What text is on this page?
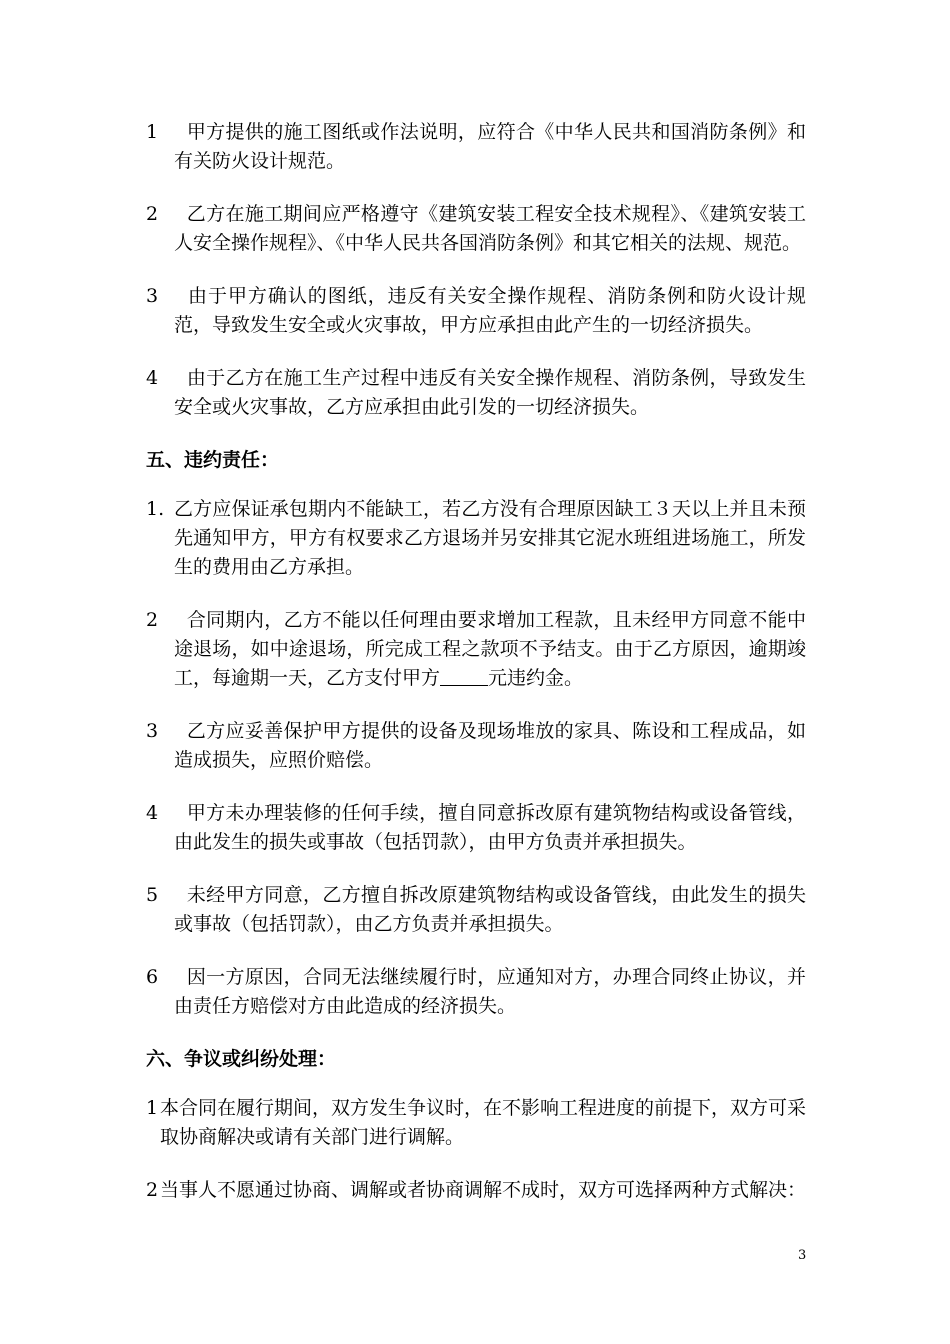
1 甲方提供的施工图纸或作法说明，应符合《中华人民共和国消防条例》和有关防火设计规范。
2 乙方在施工期间应严格遵守《建筑安装工程安全技术规程》、《建筑安装工人安全操作规程》、《中华人民共各国消防条例》和其它相关的法规、规范。
3 由于甲方确认的图纸，违反有关安全操作规程、消防条例和防火设计规范，导致发生安全或火灾事故，甲方应承担由此产生的一切经济损失。
4 由于乙方在施工生产过程中违反有关安全操作规程、消防条例，导致发生安全或火灾事故，乙方应承担由此引发的一切经济损失。
五、违约责任：
1. 乙方应保证承包期内不能缺工，若乙方没有合理原因缺工３天以上并且未预先通知甲方，甲方有权要求乙方退场并另安排其它泥水班组进场施工，所发生的费用由乙方承担。
2 合同期内，乙方不能以任何理由要求增加工程款，且未经甲方同意不能中途退场，如中途退场，所完成工程之款项不予结支。由于乙方原因，逾期竣工，每逾期一天，乙方支付甲方	元违约金。
3 乙方应妥善保护甲方提供的设备及现场堆放的家具、陈设和工程成品，如造成损失，应照价赔偿。
4 甲方未办理装修的任何手续，擅自同意拆改原有建筑物结构或设备管线，由此发生的损失或事故（包括罚款），由甲方负责并承担损失。
5 未经甲方同意，乙方擅自拆改原建筑物结构或设备管线，由此发生的损失或事故（包括罚款），由乙方负责并承担损失。
6 因一方原因，合同无法继续履行时，应通知对方，办理合同终止协议，并由责任方赔偿对方由此造成的经济损失。
六、争议或纠纷处理：
1 本合同在履行期间，双方发生争议时，在不影响工程进度的前提下，双方可采取协商解决或请有关部门进行调解。
2 当事人不愿通过协商、调解或者协商调解不成时，双方可选择两种方式解决：
3
